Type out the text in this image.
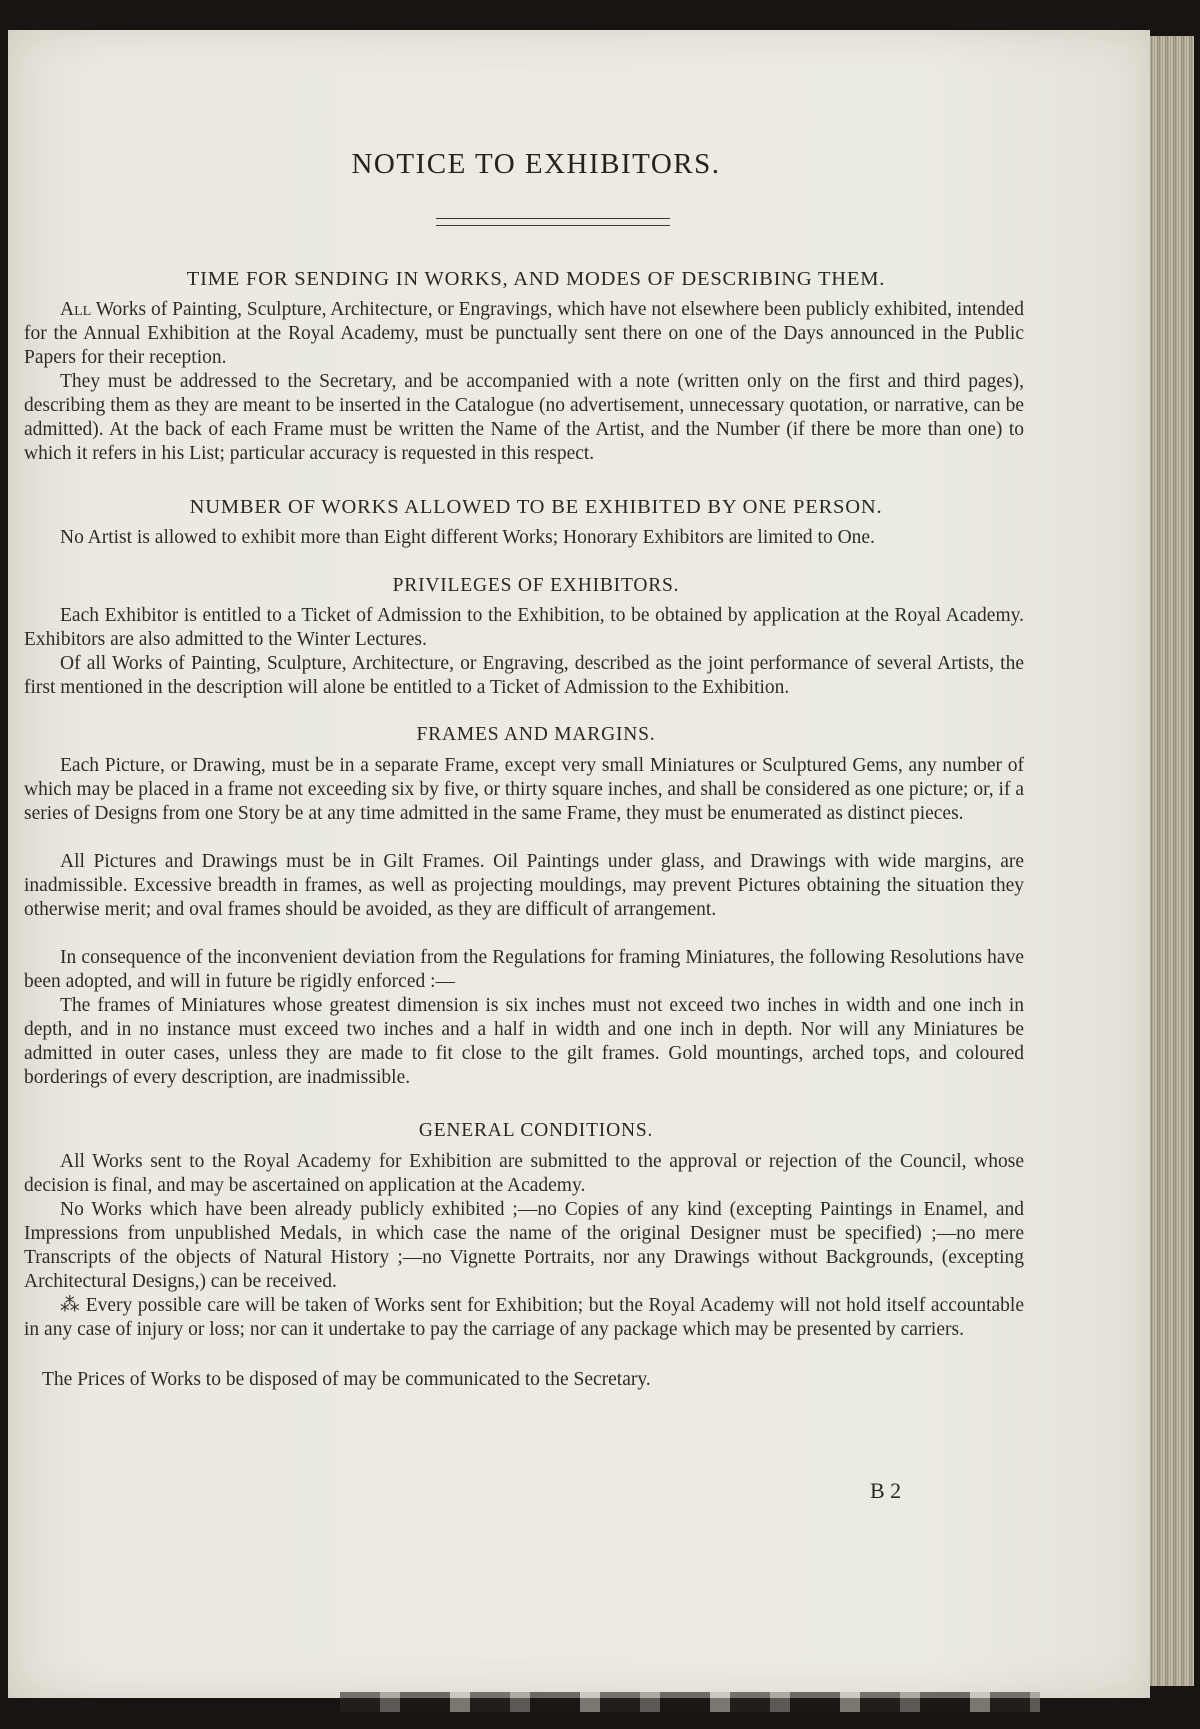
NOTICE TO EXHIBITORS.
TIME FOR SENDING IN WORKS, AND MODES OF DESCRIBING THEM.

All Works of Painting, Sculpture, Architecture, or Engravings, which have not elsewhere been publicly exhibited, intended for the Annual Exhibition at the Royal Academy, must be punctually sent there on one of the Days announced in the Public Papers for their reception.

They must be addressed to the Secretary, and be accompanied with a note (written only on the first and third pages), describing them as they are meant to be inserted in the Catalogue (no advertisement, unnecessary quotation, or narrative, can be admitted). At the back of each Frame must be written the Name of the Artist, and the Number (if there be more than one) to which it refers in his List; particular accuracy is requested in this respect.

NUMBER OF WORKS ALLOWED TO BE EXHIBITED BY ONE PERSON.

No Artist is allowed to exhibit more than Eight different Works; Honorary Exhibitors are limited to One.

PRIVILEGES OF EXHIBITORS.

Each Exhibitor is entitled to a Ticket of Admission to the Exhibition, to be obtained by application at the Royal Academy. Exhibitors are also admitted to the Winter Lectures.

Of all Works of Painting, Sculpture, Architecture, or Engraving, described as the joint performance of several Artists, the first mentioned in the description will alone be entitled to a Ticket of Admission to the Exhibition.

FRAMES AND MARGINS.

Each Picture, or Drawing, must be in a separate Frame, except very small Miniatures or Sculptured Gems, any number of which may be placed in a frame not exceeding six by five, or thirty square inches, and shall be considered as one picture; or, if a series of Designs from one Story be at any time admitted in the same Frame, they must be enumerated as distinct pieces.

All Pictures and Drawings must be in Gilt Frames. Oil Paintings under glass, and Drawings with wide margins, are inadmissible. Excessive breadth in frames, as well as projecting mouldings, may prevent Pictures obtaining the situation they otherwise merit; and oval frames should be avoided, as they are difficult of arrangement.

In consequence of the inconvenient deviation from the Regulations for framing Miniatures, the following Resolutions have been adopted, and will in future be rigidly enforced :—

The frames of Miniatures whose greatest dimension is six inches must not exceed two inches in width and one inch in depth, and in no instance must exceed two inches and a half in width and one inch in depth. Nor will any Miniatures be admitted in outer cases, unless they are made to fit close to the gilt frames. Gold mountings, arched tops, and coloured borderings of every description, are inadmissible.

GENERAL CONDITIONS.

All Works sent to the Royal Academy for Exhibition are submitted to the approval or rejection of the Council, whose decision is final, and may be ascertained on application at the Academy.

No Works which have been already publicly exhibited ;—no Copies of any kind (excepting Paintings in Enamel, and Impressions from unpublished Medals, in which case the name of the original Designer must be specified) ;—no mere Transcripts of the objects of Natural History ;—no Vignette Portraits, nor any Drawings without Backgrounds, (excepting Architectural Designs,) can be received.

⁂ Every possible care will be taken of Works sent for Exhibition; but the Royal Academy will not hold itself accountable in any case of injury or loss; nor can it undertake to pay the carriage of any package which may be presented by carriers.

The Prices of Works to be disposed of may be communicated to the Secretary.

B 2
